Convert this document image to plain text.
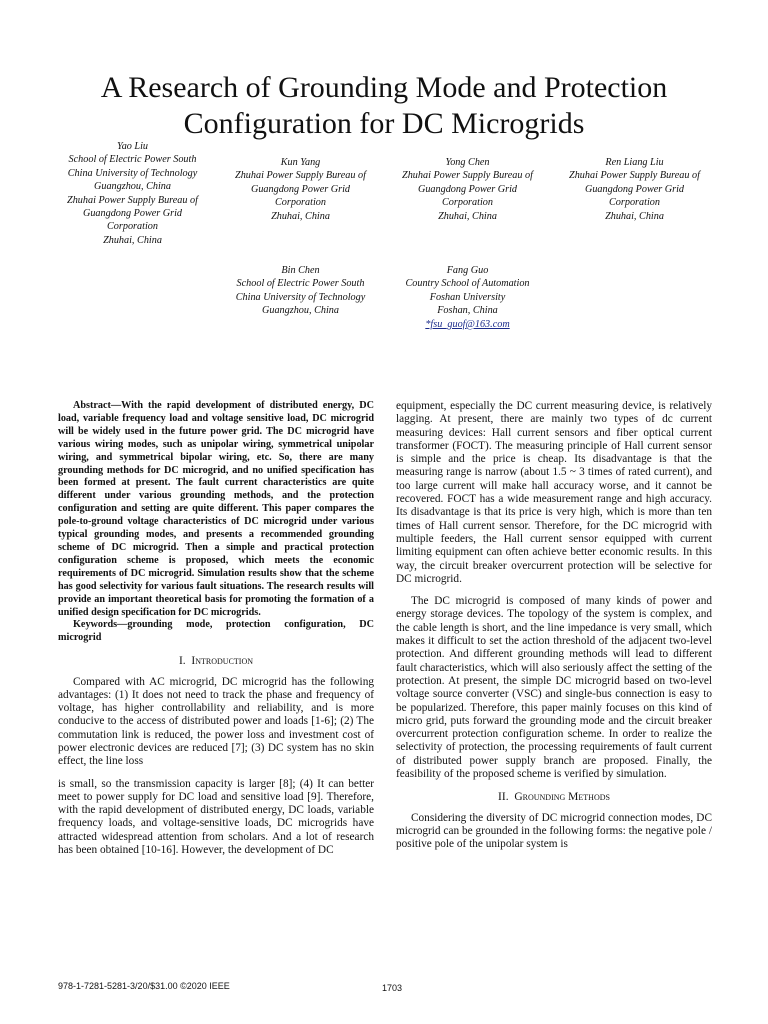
A Research of Grounding Mode and Protection Configuration for DC Microgrids
Yao Liu
School of Electric Power South
China University of Technology
Guangzhou, China
Zhuhai Power Supply Bureau of
Guangdong Power Grid
Corporation
Zhuhai, China
Kun Yang
Zhuhai Power Supply Bureau of
Guangdong Power Grid
Corporation
Zhuhai, China
Yong Chen
Zhuhai Power Supply Bureau of
Guangdong Power Grid
Corporation
Zhuhai, China
Ren Liang Liu
Zhuhai Power Supply Bureau of
Guangdong Power Grid
Corporation
Zhuhai, China
Bin Chen
School of Electric Power South
China University of Technology
Guangzhou, China
Fang Guo
Country School of Automation
Foshan University
Foshan, China
*fsu_guof@163.com

Abstract—With the rapid development of distributed energy, DC load, variable frequency load and voltage sensitive load, DC microgrid will be widely used in the future power grid. The DC microgrid have various wiring modes, such as unipolar wiring, symmetrical unipolar wiring, and symmetrical bipolar wiring, etc. So, there are many grounding methods for DC microgrid, and no unified specification has been formed at present. The fault current characteristics are quite different under various grounding methods, and the protection configuration and setting are quite different. This paper compares the pole-to-ground voltage characteristics of DC microgrid under various typical grounding modes, and presents a recommended grounding scheme of DC microgrid. Then a simple and practical protection configuration scheme is proposed, which meets the economic requirements of DC microgrid. Simulation results show that the scheme has good selectivity for various fault situations. The research results will provide an important theoretical basis for promoting the formation of a unified design specification for DC microgrids.

Keywords—grounding mode, protection configuration, DC microgrid

I. Introduction

Compared with AC microgrid, DC microgrid has the following advantages: (1) It does not need to track the phase and frequency of voltage, has higher controllability and reliability, and is more conducive to the access of distributed power and loads [1-6]; (2) The commutation link is reduced, the power loss and investment cost of power electronic devices are reduced [7]; (3) DC system has no skin effect, the line loss

is small, so the transmission capacity is larger [8]; (4) It can better meet to power supply for DC load and sensitive load [9]. Therefore, with the rapid development of distributed energy, DC loads, variable frequency loads, and voltage-sensitive loads, DC microgrids have attracted widespread attention from scholars. And a lot of research has been obtained [10-16]. However, the development of DC

equipment, especially the DC current measuring device, is relatively lagging. At present, there are mainly two types of dc current measuring devices: Hall current sensors and fiber optical current transformer (FOCT). The measuring principle of Hall current sensor is simple and the price is cheap. Its disadvantage is that the measuring range is narrow (about 1.5 ~ 3 times of rated current), and too large current will make hall accuracy worse, and it cannot be recovered. FOCT has a wide measurement range and high accuracy. Its disadvantage is that its price is very high, which is more than ten times of Hall current sensor. Therefore, for the DC microgrid with multiple feeders, the Hall current sensor equipped with current limiting equipment can often achieve better economic results. In this way, the circuit breaker overcurrent protection will be selective for DC microgrid.

The DC microgrid is composed of many kinds of power and energy storage devices. The topology of the system is complex, and the cable length is short, and the line impedance is very small, which makes it difficult to set the action threshold of the adjacent two-level protection. And different grounding methods will lead to different fault characteristics, which will also seriously affect the setting of the protection. At present, the simple DC microgrid based on two-level voltage source converter (VSC) and single-bus connection is easy to be popularized. Therefore, this paper mainly focuses on this kind of micro grid, puts forward the grounding mode and the circuit breaker overcurrent protection configuration scheme. In order to realize the selectivity of protection, the processing requirements of fault current of distributed power supply branch are proposed. Finally, the feasibility of the proposed scheme is verified by simulation.

II. Grounding Methods

Considering the diversity of DC microgrid connection modes, DC microgrid can be grounded in the following forms: the negative pole / positive pole of the unipolar system is

978-1-7281-5281-3/20/$31.00 ©2020 IEEE	1703
